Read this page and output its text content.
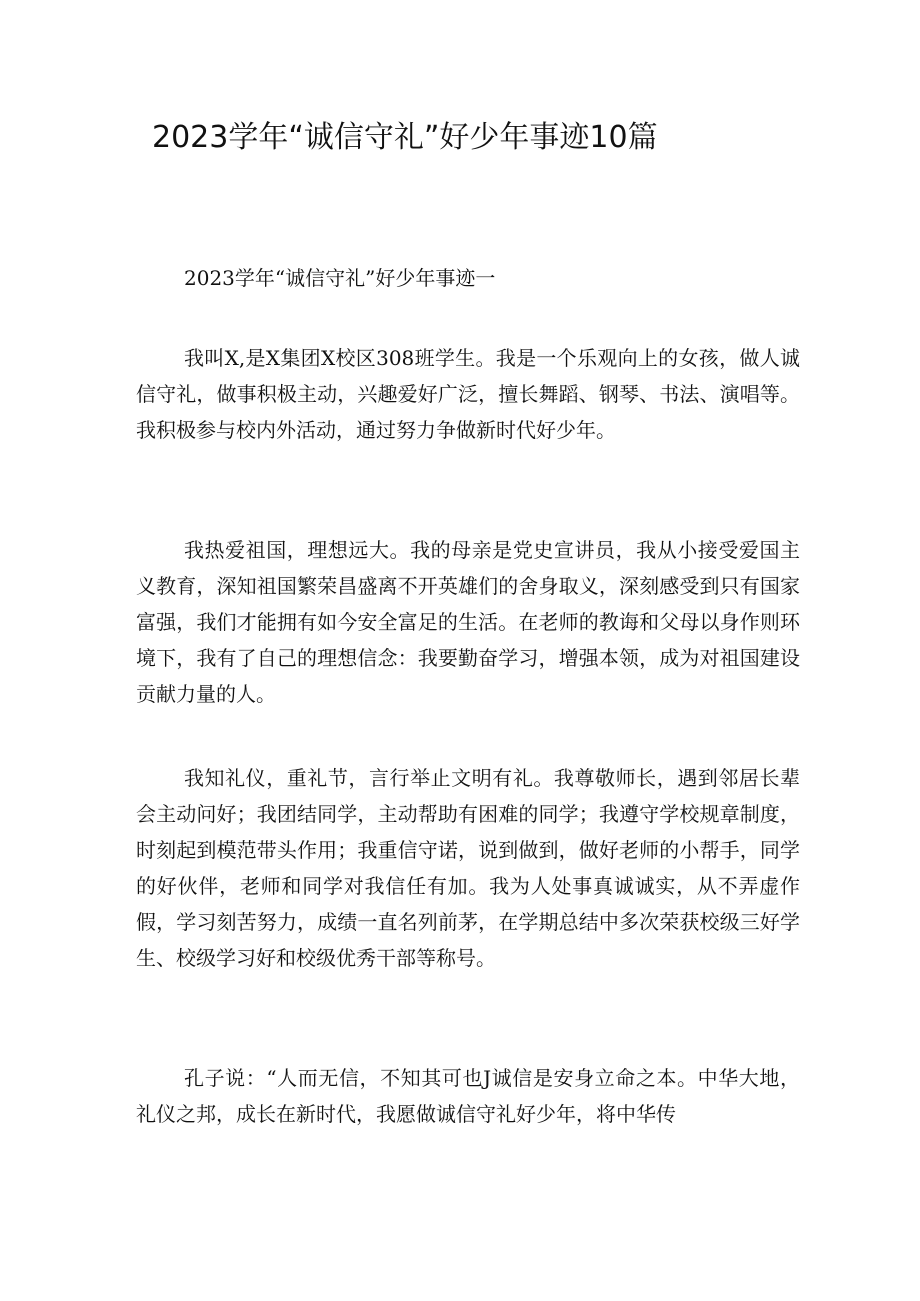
2023学年“诚信守礼”好少年事迹10篇

2023学年“诚信守礼”好少年事迹一

我叫X,是X集团X校区308班学生。我是一个乐观向上的女孩，做人诚信守礼，做事积极主动，兴趣爱好广泛，擅长舞蹈、钢琴、书法、演唱等。我积极参与校内外活动，通过努力争做新时代好少年。

我热爱祖国，理想远大。我的母亲是党史宣讲员，我从小接受爱国主义教育，深知祖国繁荣昌盛离不开英雄们的舍身取义，深刻感受到只有国家富强，我们才能拥有如今安全富足的生活。在老师的教诲和父母以身作则环境下，我有了自己的理想信念：我要勤奋学习，增强本领，成为对祖国建设贡献力量的人。

我知礼仪，重礼节，言行举止文明有礼。我尊敬师长，遇到邻居长辈会主动问好；我团结同学，主动帮助有困难的同学；我遵守学校规章制度，时刻起到模范带头作用；我重信守诺，说到做到，做好老师的小帮手，同学的好伙伴，老师和同学对我信任有加。我为人处事真诚诚实，从不弄虚作假，学习刻苦努力，成绩一直名列前茅，在学期总结中多次荣获校级三好学生、校级学习好和校级优秀干部等称号。

孔子说：“人而无信，不知其可也J诚信是安身立命之本。中华大地，礼仪之邦，成长在新时代，我愿做诚信守礼好少年，将中华传
